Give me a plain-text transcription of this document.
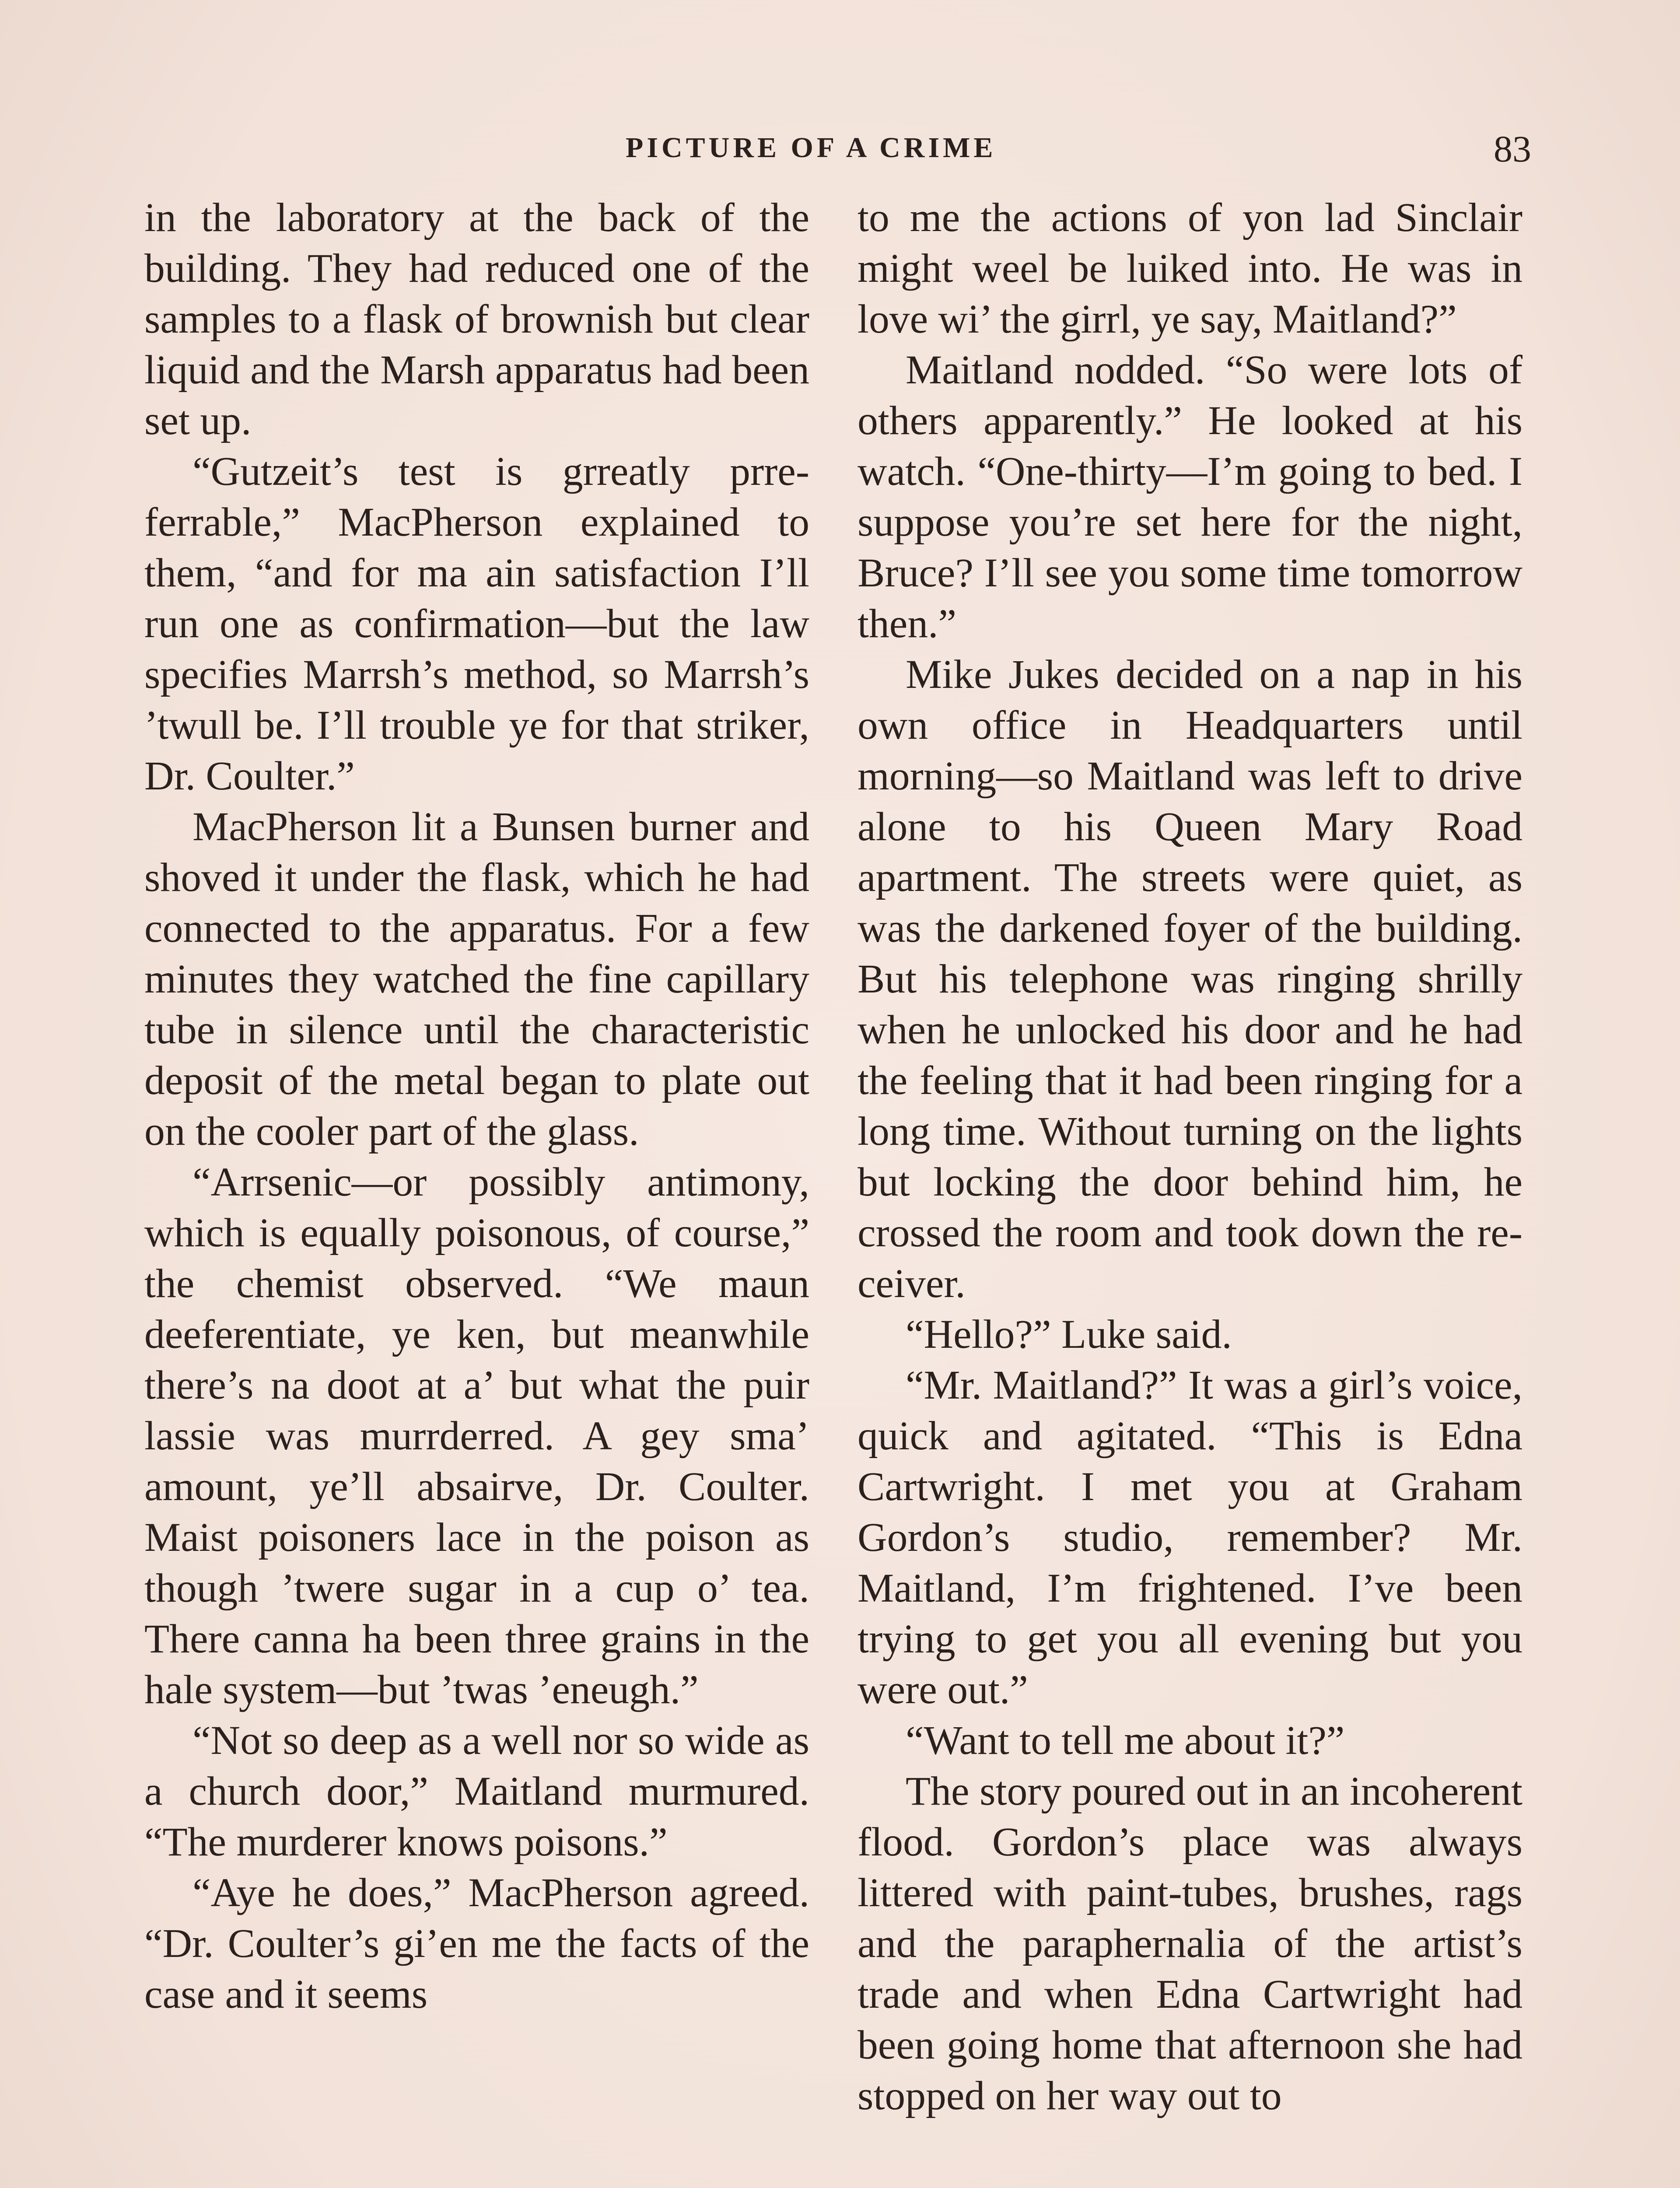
PICTURE OF A CRIME	83

in the laboratory at the back of the building. They had reduced one of the samples to a flask of brownish but clear liquid and the Marsh apparatus had been set up.

“Gutzeit’s test is grreatly prreferrable,” MacPherson explained to them, “and for ma ain satisfaction I’ll run one as confirmation—but the law specifies Marrsh’s method, so Marrsh’s ’twull be. I’ll trouble ye for that striker, Dr. Coulter.”

MacPherson lit a Bunsen burner and shoved it under the flask, which he had connected to the apparatus. For a few minutes they watched the fine capillary tube in silence until the characteristic deposit of the metal began to plate out on the cooler part of the glass.

“Arrsenic—or possibly antimony, which is equally poisonous, of course,” the chemist observed. “We maun deeferentiate, ye ken, but meanwhile there’s na doot at a’ but what the puir lassie was murrderred. A gey sma’ amount, ye’ll absairve, Dr. Coulter. Maist poisoners lace in the poison as though ’twere sugar in a cup o’ tea. There canna ha been three grains in the hale system—but ’twas ’eneugh.”

“Not so deep as a well nor so wide as a church door,” Maitland murmured. “The murderer knows poisons.”

“Aye he does,” MacPherson agreed. “Dr. Coulter’s gi’en me the facts of the case and it seems

to me the actions of yon lad Sinclair might weel be luiked into. He was in love wi’ the girrl, ye say, Maitland?”

Maitland nodded. “So were lots of others apparently.” He looked at his watch. “One-thirty—I’m going to bed. I suppose you’re set here for the night, Bruce? I’ll see you some time tomorrow then.”

Mike Jukes decided on a nap in his own office in Headquarters until morning—so Maitland was left to drive alone to his Queen Mary Road apartment. The streets were quiet, as was the darkened foyer of the building. But his telephone was ringing shrilly when he unlocked his door and he had the feeling that it had been ringing for a long time. Without turning on the lights but locking the door behind him, he crossed the room and took down the receiver.

“Hello?” Luke said.

“Mr. Maitland?” It was a girl’s voice, quick and agitated. “This is Edna Cartwright. I met you at Graham Gordon’s studio, remember? Mr. Maitland, I’m frightened. I’ve been trying to get you all evening but you were out.”

“Want to tell me about it?”

The story poured out in an incoherent flood. Gordon’s place was always littered with paint-tubes, brushes, rags and the paraphernalia of the artist’s trade and when Edna Cartwright had been going home that afternoon she had stopped on her way out to
